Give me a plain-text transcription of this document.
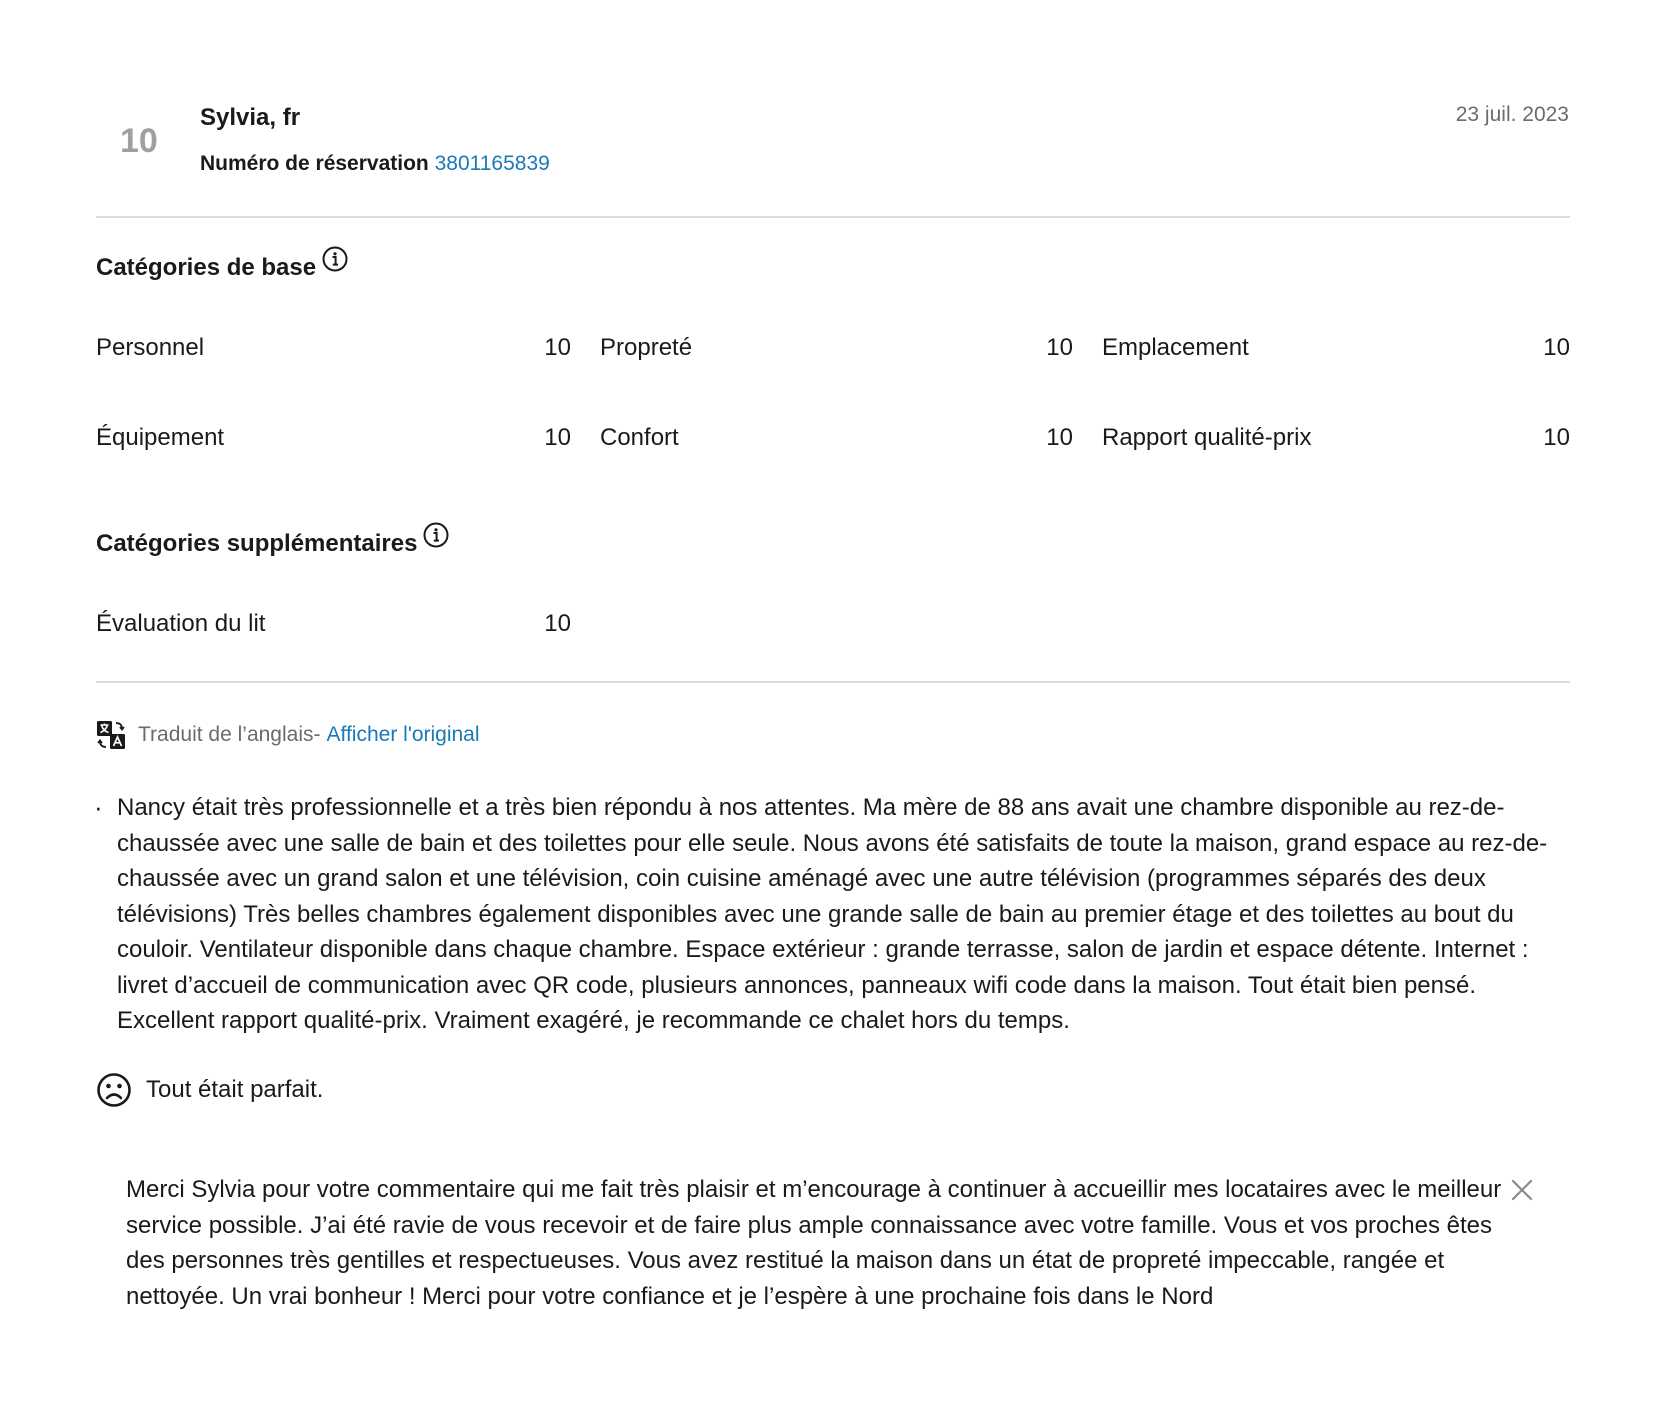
10
Sylvia, fr
Numéro de réservation 3801165839
23 juil. 2023
Catégories de base
Personnel	10 Propreté	10 Emplacement	10
Équipement	10 Confort	10 Rapport qualité-prix	10
Catégories supplémentaires
Évaluation du lit	10
Traduit de l’anglais - Afficher l'original
· Nancy était très professionnelle et a très bien répondu à nos attentes. Ma mère de 88 ans avait une chambre disponible au rez-de-chaussée avec une salle de bain et des toilettes pour elle seule. Nous avons été satisfaits de toute la maison, grand espace au rez-de-chaussée avec un grand salon et une télévision, coin cuisine aménagé avec une autre télévision (programmes séparés des deux télévisions) Très belles chambres également disponibles avec une grande salle de bain au premier étage et des toilettes au bout du couloir. Ventilateur disponible dans chaque chambre. Espace extérieur : grande terrasse, salon de jardin et espace détente. Internet : livret d’accueil de communication avec QR code, plusieurs annonces, panneaux wifi code dans la maison. Tout était bien pensé. Excellent rapport qualité-prix. Vraiment exagéré, je recommande ce chalet hors du temps.
Tout était parfait.
Merci Sylvia pour votre commentaire qui me fait très plaisir et m’encourage à continuer à accueillir mes locataires avec le meilleur service possible. J’ai été ravie de vous recevoir et de faire plus ample connaissance avec votre famille. Vous et vos proches êtes des personnes très gentilles et respectueuses. Vous avez restitué la maison dans un état de propreté impeccable, rangée et nettoyée. Un vrai bonheur ! Merci pour votre confiance et je l’espère à une prochaine fois dans le Nord
